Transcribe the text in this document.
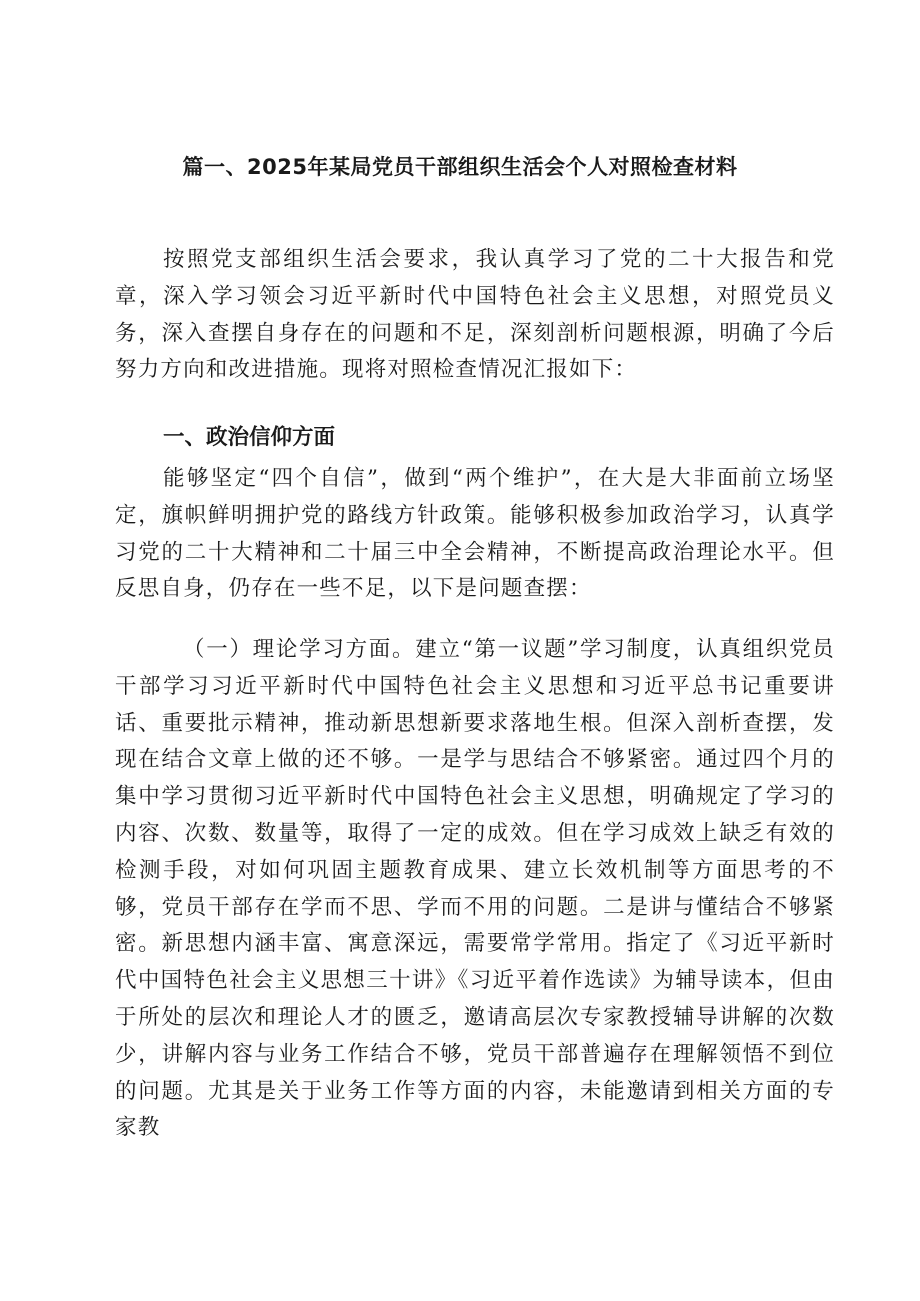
篇一、2025年某局党员干部组织生活会个人对照检查材料

按照党支部组织生活会要求，我认真学习了党的二十大报告和党章，深入学习领会习近平新时代中国特色社会主义思想，对照党员义务，深入查摆自身存在的问题和不足，深刻剖析问题根源，明确了今后努力方向和改进措施。现将对照检查情况汇报如下：

一、政治信仰方面

能够坚定“四个自信”，做到“两个维护”，在大是大非面前立场坚定，旗帜鲜明拥护党的路线方针政策。能够积极参加政治学习，认真学习党的二十大精神和二十届三中全会精神，不断提高政治理论水平。但反思自身，仍存在一些不足，以下是问题查摆：

（一）理论学习方面。建立“第一议题”学习制度，认真组织党员干部学习习近平新时代中国特色社会主义思想和习近平总书记重要讲话、重要批示精神，推动新思想新要求落地生根。但深入剖析查摆，发现在结合文章上做的还不够。一是学与思结合不够紧密。通过四个月的集中学习贯彻习近平新时代中国特色社会主义思想，明确规定了学习的内容、次数、数量等，取得了一定的成效。但在学习成效上缺乏有效的检测手段，对如何巩固主题教育成果、建立长效机制等方面思考的不够，党员干部存在学而不思、学而不用的问题。二是讲与懂结合不够紧密。新思想内涵丰富、寓意深远，需要常学常用。指定了《习近平新时代中国特色社会主义思想三十讲》《习近平着作选读》为辅导读本，但由于所处的层次和理论人才的匮乏，邀请高层次专家教授辅导讲解的次数少，讲解内容与业务工作结合不够，党员干部普遍存在理解领悟不到位的问题。尤其是关于业务工作等方面的内容，未能邀请到相关方面的专家教
